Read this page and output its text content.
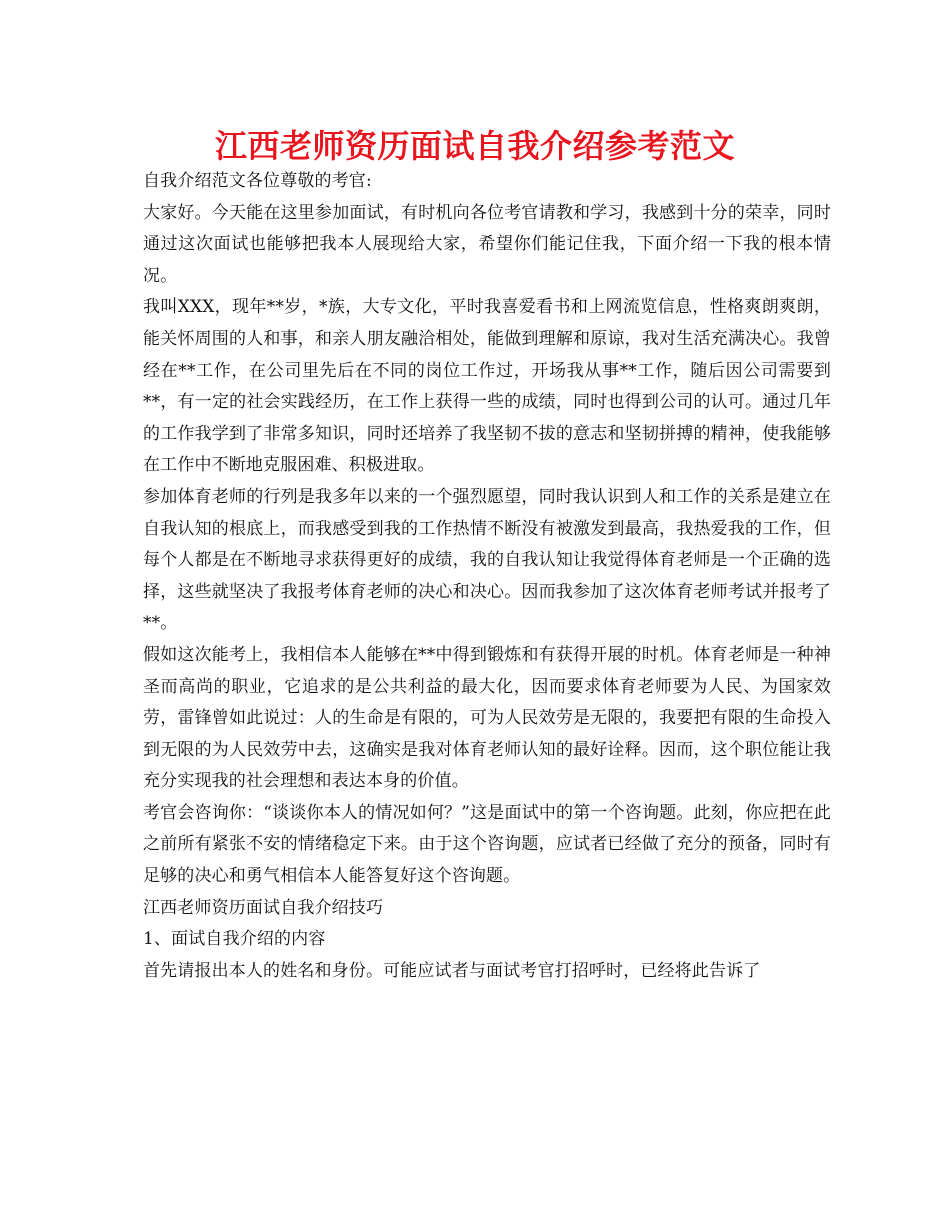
江西老师资历面试自我介绍参考范文

自我介绍范文各位尊敬的考官:

大家好。今天能在这里参加面试，有时机向各位考官请教和学习，我感到十分的荣幸，同时通过这次面试也能够把我本人展现给大家，希望你们能记住我，下面介绍一下我的根本情况。

我叫XXX，现年**岁，*族，大专文化，平时我喜爱看书和上网流览信息，性格爽朗爽朗，能关怀周围的人和事，和亲人朋友融洽相处，能做到理解和原谅，我对生活充满决心。我曾经在**工作，在公司里先后在不同的岗位工作过，开场我从事**工作，随后因公司需要到**，有一定的社会实践经历，在工作上获得一些的成绩，同时也得到公司的认可。通过几年的工作我学到了非常多知识，同时还培养了我坚韧不拔的意志和坚韧拼搏的精神，使我能够在工作中不断地克服困难、积极进取。

参加体育老师的行列是我多年以来的一个强烈愿望，同时我认识到人和工作的关系是建立在自我认知的根底上，而我感受到我的工作热情不断没有被激发到最高，我热爱我的工作，但每个人都是在不断地寻求获得更好的成绩，我的自我认知让我觉得体育老师是一个正确的选择，这些就坚决了我报考体育老师的决心和决心。因而我参加了这次体育老师考试并报考了**。

假如这次能考上，我相信本人能够在**中得到锻炼和有获得开展的时机。体育老师是一种神圣而高尚的职业，它追求的是公共利益的最大化，因而要求体育老师要为人民、为国家效劳，雷锋曾如此说过：人的生命是有限的，可为人民效劳是无限的，我要把有限的生命投入到无限的为人民效劳中去，这确实是我对体育老师认知的最好诠释。因而，这个职位能让我充分实现我的社会理想和表达本身的价值。

考官会咨询你：“谈谈你本人的情况如何？”这是面试中的第一个咨询题。此刻，你应把在此之前所有紧张不安的情绪稳定下来。由于这个咨询题，应试者已经做了充分的预备，同时有足够的决心和勇气相信本人能答复好这个咨询题。

江西老师资历面试自我介绍技巧

1、面试自我介绍的内容

首先请报出本人的姓名和身份。可能应试者与面试考官打招呼时，已经将此告诉了
